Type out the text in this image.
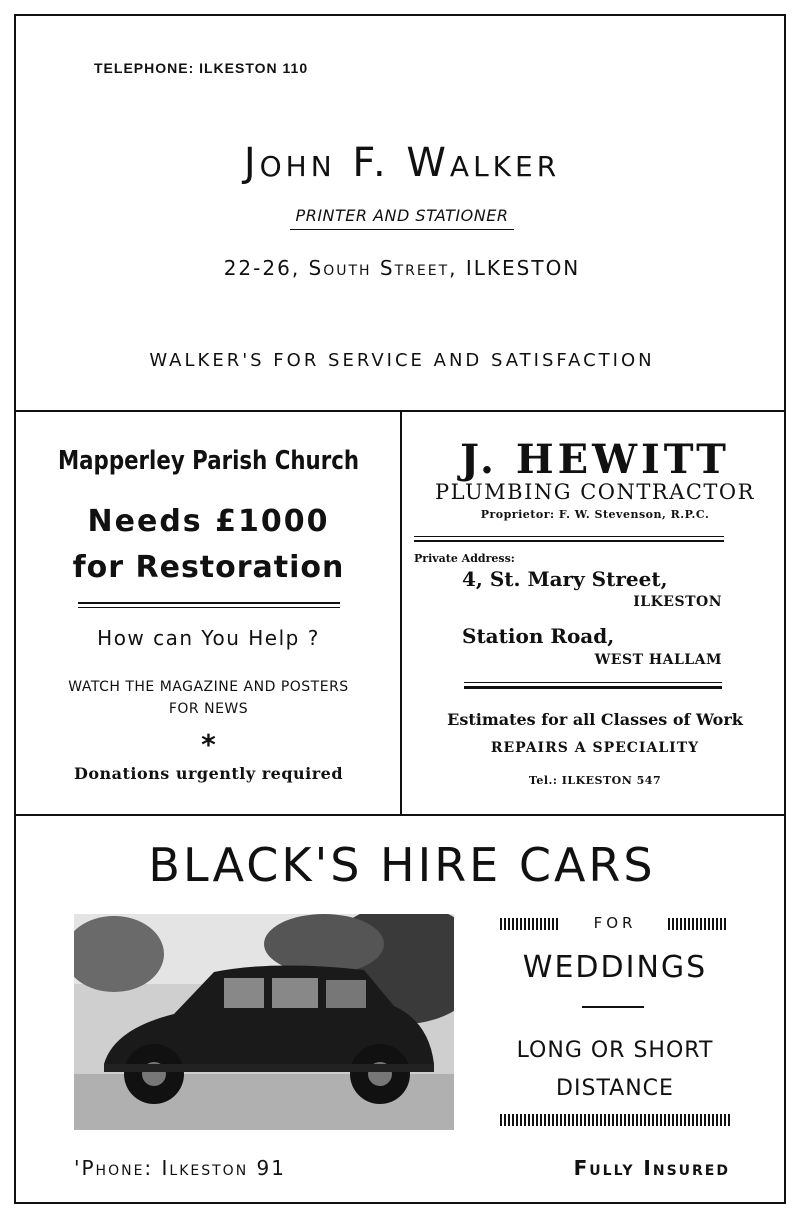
TELEPHONE: ILKESTON 110
John F. Walker
PRINTER AND STATIONER
22-26, South Street, ILKESTON
WALKER'S FOR SERVICE AND SATISFACTION
Mapperley Parish Church
Needs £1000
for Restoration
How can You Help ?
WATCH THE MAGAZINE AND POSTERS
FOR NEWS
*
Donations urgently required
J. HEWITT
PLUMBING CONTRACTOR
Proprietor: F. W. Stevenson, R.P.C.
Private Address:
4, St. Mary Street,
ILKESTON
Station Road,
WEST HALLAM
Estimates for all Classes of Work
REPAIRS A SPECIALITY
Tel.: ILKESTON 547
BLACK'S HIRE CARS
FOR
WEDDINGS
LONG OR SHORT
DISTANCE
'Phone: Ilkeston 91	Fully Insured
